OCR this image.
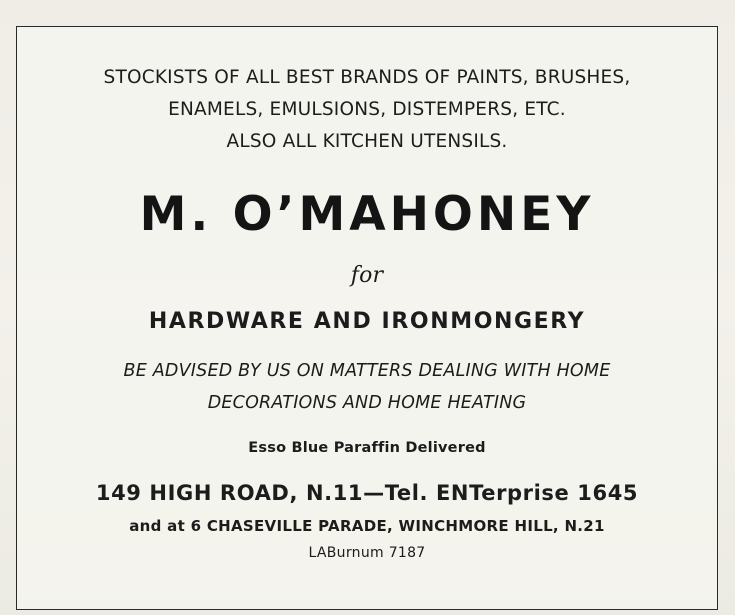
STOCKISTS OF ALL BEST BRANDS OF PAINTS, BRUSHES,
ENAMELS, EMULSIONS, DISTEMPERS, ETC.
ALSO ALL KITCHEN UTENSILS.
M. O’MAHONEY
for
HARDWARE AND IRONMONGERY
BE ADVISED BY US ON MATTERS DEALING WITH HOME
DECORATIONS AND HOME HEATING
Esso Blue Paraffin Delivered
149 HIGH ROAD, N.11—Tel. ENTerprise 1645
and at 6 CHASEVILLE PARADE, WINCHMORE HILL, N.21
LABurnum 7187
